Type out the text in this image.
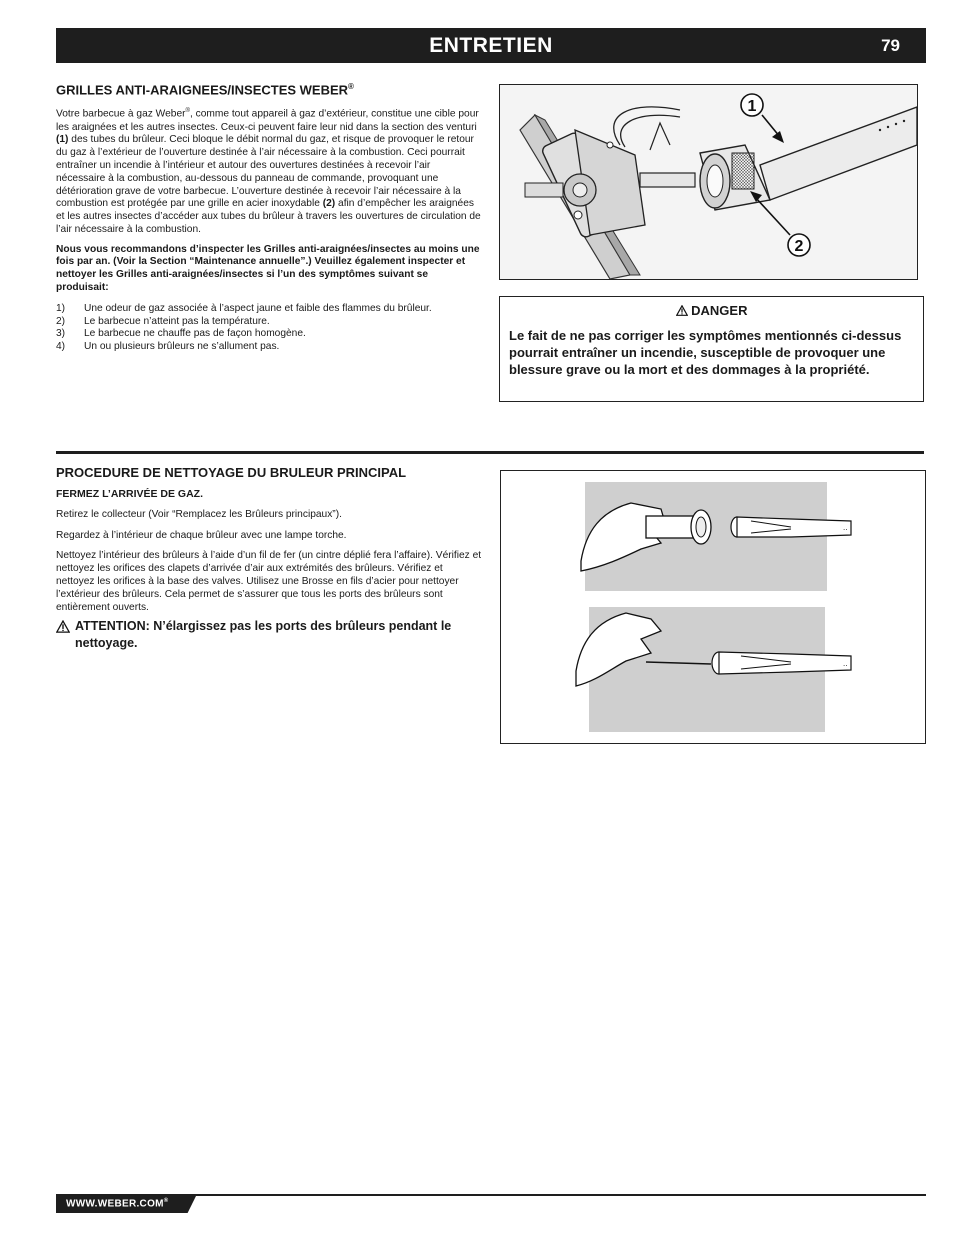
ENTRETIEN	79
GRILLES ANTI-ARAIGNEES/INSECTES WEBER®

Votre barbecue à gaz Weber®, comme tout appareil à gaz d’extérieur, constitue une cible pour les araignées et les autres insectes. Ceux-ci peuvent faire leur nid dans la section des venturi (1) des tubes du brûleur. Ceci bloque le débit normal du gaz, et risque de provoquer le retour du gaz à l’extérieur de l’ouverture destinée à l’air nécessaire à la combustion. Ceci pourrait entraîner un incendie à l’intérieur et autour des ouvertures destinées à recevoir l’air nécessaire à la combustion, au-dessous du panneau de commande, provoquant une détérioration grave de votre barbecue. L’ouverture destinée à recevoir l’air nécessaire à la combustion est protégée par une grille en acier inoxydable (2) afin d’empêcher les araignées et les autres insectes d’accéder aux tubes du brûleur à travers les ouvertures de circulation de l’air nécessaire à la combustion.

Nous vous recommandons d’inspecter les Grilles anti-araignées/insectes au moins une fois par an. (Voir la Section “Maintenance annuelle”.) Veuillez également inspecter et nettoyer les Grilles anti-araignées/insectes si l’un des symptômes suivant se produisait:

1)	Une odeur de gaz associée à l’aspect jaune et faible des flammes du brûleur.
2)	Le barbecue n’atteint pas la température.
3)	Le barbecue ne chauffe pas de façon homogène.
4)	Un ou plusieurs brûleurs ne s’allument pas.
1
2
DANGER

Le fait de ne pas corriger les symptômes mentionnés ci-dessus pourrait entraîner un incendie, susceptible de provoquer une blessure grave ou la mort et des dommages à la propriété.

PROCEDURE DE NETTOYAGE DU BRULEUR PRINCIPAL

FERMEZ L’ARRIVÉE DE GAZ.

Retirez le collecteur (Voir “Remplacez les Brûleurs principaux”).

Regardez à l’intérieur de chaque brûleur avec une lampe torche.

Nettoyez l’intérieur des brûleurs à l’aide d’un fil de fer (un cintre déplié fera l’affaire). Vérifiez et nettoyez les orifices des clapets d’arrivée d’air aux extrémités des brûleurs. Vérifiez et nettoyez les orifices à la base des valves. Utilisez une Brosse en fils d’acier pour nettoyer l’extérieur des brûleurs. Cela permet de s’assurer que tous les ports des brûleurs sont entièrement ouverts.

ATTENTION: N’élargissez pas les ports des brûleurs pendant le nettoyage.
..
..
WWW.WEBER.COM®
